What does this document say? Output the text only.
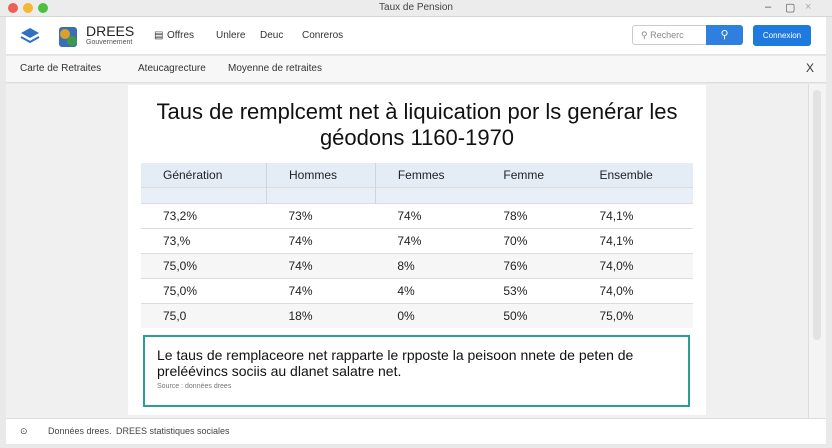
Taux de Pension	– ▢ ×
DREES
Gouvernement
▤ Offres Unlere Deuc Conreros	⚲ Recherc	⚲	Connexion
Carte de Retraites	Ateucagrecture Moyenne de retraites	X
Taus de remplcemt net à liquication por ls genérar les
géodons 1160-1970
Génération	Hommes	Femmes	Femme	Ensemble

73,2%	73%	74%	78%	74,1%
73,%	74%	74%	70%	74,1%
75,0%	74%	8%	76%	74,0%
75,0%	74%	4%	53%	74,0%
75,0	18%	0%	50%	75,0%

Le taus de remplaceore net rapparte le rpposte la peisoon nnete de peten de preléévincs sociis au dlanet salatre net.

Source : données drees
⊙ Données drees. DREES statistiques sociales
